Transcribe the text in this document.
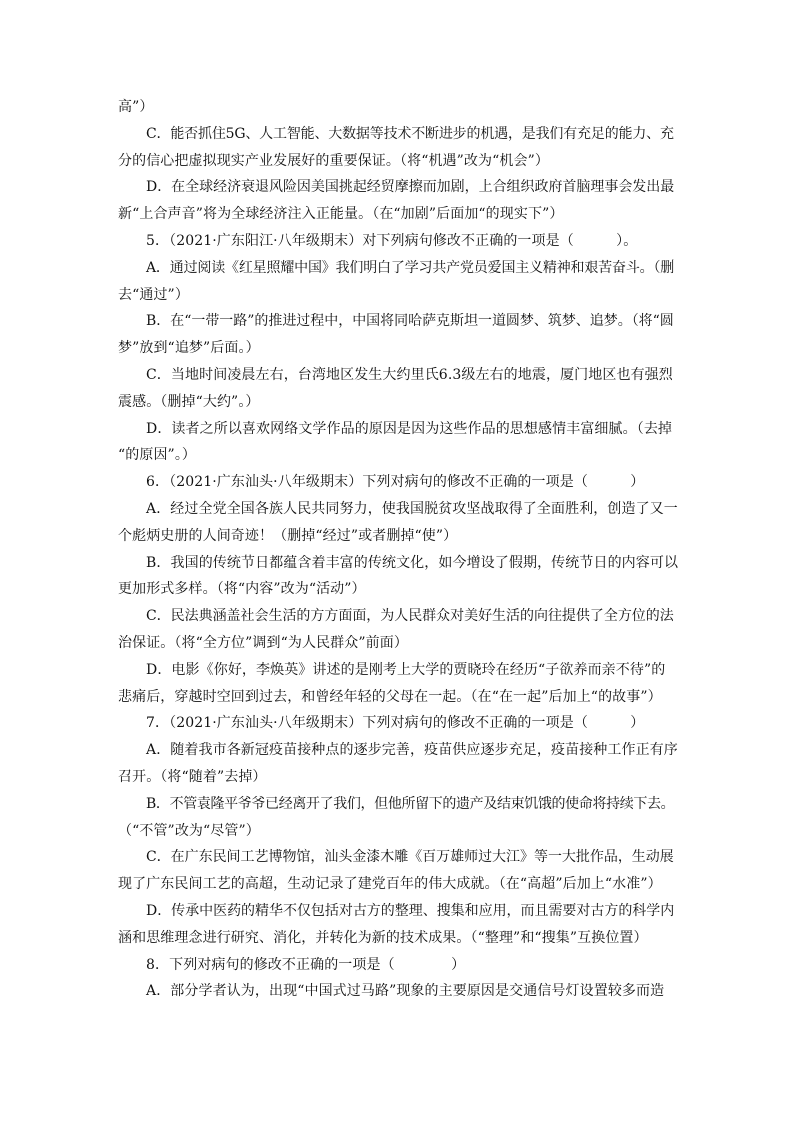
高”）
C．能否抓住5G、人工智能、大数据等技术不断进步的机遇，是我们有充足的能力、充
分的信心把虚拟现实产业发展好的重要保证。（将“机遇”改为“机会”）
D．在全球经济衰退风险因美国挑起经贸摩擦而加剧，上合组织政府首脑理事会发出最
新“上合声音”将为全球经济注入正能量。（在“加剧”后面加“的现实下”）
5．（2021·广东阳江·八年级期末）对下列病句修改不正确的一项是（　　　）。
A．通过阅读《红星照耀中国》我们明白了学习共产党员爱国主义精神和艰苦奋斗。（删
去“通过”）
B．在“一带一路”的推进过程中，中国将同哈萨克斯坦一道圆梦、筑梦、追梦。（将“圆
梦”放到“追梦”后面。）
C．当地时间凌晨左右，台湾地区发生大约里氏6.3级左右的地震，厦门地区也有强烈
震感。（删掉“大约”。）
D．读者之所以喜欢网络文学作品的原因是因为这些作品的思想感情丰富细腻。（去掉
“的原因”。）
6．（2021·广东汕头·八年级期末）下列对病句的修改不正确的一项是（　　　）
A．经过全党全国各族人民共同努力，使我国脱贫攻坚战取得了全面胜利，创造了又一
个彪炳史册的人间奇迹！（删掉“经过”或者删掉“使”）
B．我国的传统节日都蕴含着丰富的传统文化，如今增设了假期，传统节日的内容可以
更加形式多样。（将“内容”改为“活动”）
C．民法典涵盖社会生活的方方面面，为人民群众对美好生活的向往提供了全方位的法
治保证。（将“全方位”调到“为人民群众”前面）
D．电影《你好，李焕英》讲述的是刚考上大学的贾晓玲在经历“子欲养而亲不待”的
悲痛后，穿越时空回到过去，和曾经年轻的父母在一起。（在“在一起”后加上“的故事”）
7．（2021·广东汕头·八年级期末）下列对病句的修改不正确的一项是（　　　）
A．随着我市各新冠疫苗接种点的逐步完善，疫苗供应逐步充足，疫苗接种工作正有序
召开。（将“随着”去掉）
B．不管袁隆平爷爷已经离开了我们，但他所留下的遗产及结束饥饿的使命将持续下去。
（“不管”改为“尽管”）
C．在广东民间工艺博物馆，汕头金漆木雕《百万雄师过大江》等一大批作品，生动展
现了广东民间工艺的高超，生动记录了建党百年的伟大成就。（在“高超”后加上“水准”）
D．传承中医药的精华不仅包括对古方的整理、搜集和应用，而且需要对古方的科学内
涵和思维理念进行研究、消化，并转化为新的技术成果。（“整理”和“搜集”互换位置）
8．下列对病句的修改不正确的一项是（　　　　）
A．部分学者认为，出现“中国式过马路”现象的主要原因是交通信号灯设置较多而造
